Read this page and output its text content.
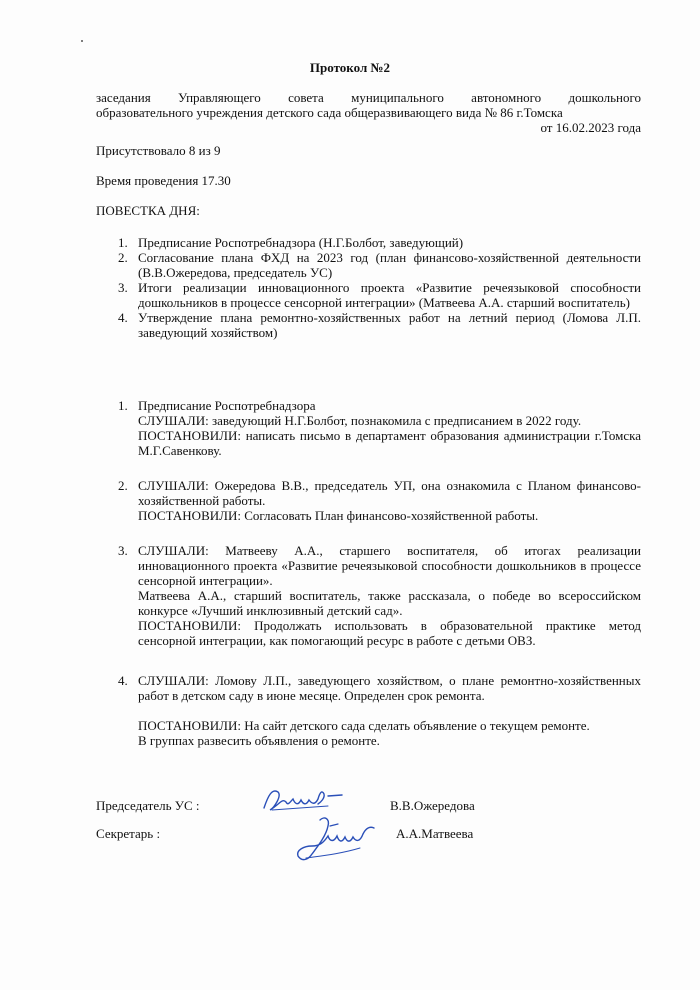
Протокол №2
заседания Управляющего совета муниципального автономного дошкольного
образовательного учреждения детского сада общеразвивающего вида № 86 г.Томска
от 16.02.2023 года
Присутствовало 8 из 9
Время проведения 17.30
ПОВЕСТКА ДНЯ:
1. Предписание Роспотребнадзора (Н.Г.Болбот, заведующий)
2. Согласование плана ФХД на 2023 год (план финансово-хозяйственной деятельности (В.В.Ожередова, председатель УС)
3. Итоги реализации инновационного проекта «Развитие речеязыковой способности дошкольников в процессе сенсорной интеграции» (Матвеева А.А. старший воспитатель)
4. Утверждение плана ремонтно-хозяйственных работ на летний период (Ломова Л.П. заведующий хозяйством)
1. Предписание Роспотребнадзора

СЛУШАЛИ: заведующий Н.Г.Болбот, познакомила с предписанием в 2022 году.

ПОСТАНОВИЛИ: написать письмо в департамент образования администрации г.Томска М.Г.Савенкову.

2. СЛУШАЛИ: Ожередова В.В., председатель УП, она ознакомила с Планом финансово-хозяйственной работы.

ПОСТАНОВИЛИ: Согласовать План финансово-хозяйственной работы.

3. СЛУШАЛИ: Матвееву А.А., старшего воспитателя, об итогах реализации инновационного проекта «Развитие речеязыковой способности дошкольников в процессе сенсорной интеграции».

Матвеева А.А., старший воспитатель, также рассказала, о победе во всероссийском конкурсе «Лучший инклюзивный детский сад».

ПОСТАНОВИЛИ: Продолжать использовать в образовательной практике метод сенсорной интеграции, как помогающий ресурс в работе с детьми ОВЗ.

4. СЛУШАЛИ: Ломову Л.П., заведующего хозяйством, о плане ремонтно-хозяйственных работ в детском саду в июне месяце. Определен срок ремонта.

ПОСТАНОВИЛИ: На сайт детского сада сделать объявление о текущем ремонте.

В группах развесить объявления о ремонте.

Председатель УС :	В.В.Ожередова
Секретарь :	А.А.Матвеева
